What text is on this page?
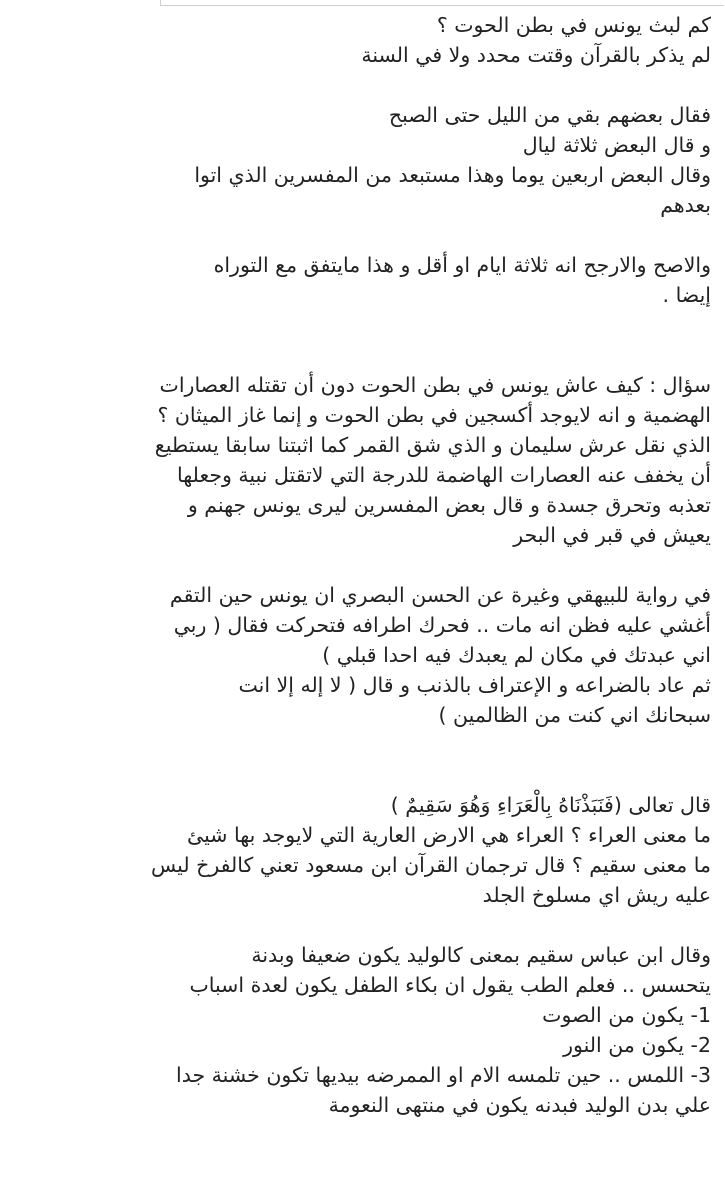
كم لبث يونس في بطن الحوت ؟
لم يذكر بالقرآن وقتت محدد ولا في السنة
فقال بعضهم بقي من الليل حتى الصبح
و قال البعض ثلاثة ليال
وقال البعض اربعين يوما وهذا مستبعد من المفسرين الذي اتوا
بعدهم
والاصح والارجح انه ثلاثة ايام او أقل و هذا مايتفق مع التوراه
إيضا .
سؤال : كيف عاش يونس في بطن الحوت دون أن تقتله العصارات
الهضمية و انه لايوجد أكسجين في بطن الحوت و إنما غاز الميثان ؟
الذي نقل عرش سليمان و الذي شق القمر كما اثبتنا سابقا يستطيع
أن يخفف عنه العصارات الهاضمة للدرجة التي لاتقتل نبية وجعلها
تعذبه وتحرق جسدة و قال بعض المفسرين ليرى يونس جهنم و
يعيش في قبر في البحر
في رواية للبيهقي وغيرة عن الحسن البصري ان يونس حين التقم
أغشي عليه فظن انه مات .. فحرك اطرافه فتحركت فقال ( ربي
اني عبدتك في مكان لم يعبدك فيه احدا قبلي )
ثم عاد بالضراعه و الإعتراف بالذنب و قال ( لا إله إلا انت
سبحانك اني كنت من الظالمين )
قال تعالى (فَنَبَذْنَاهُ بِالْعَرَاءِ وَهُوَ سَقِيمٌ )
ما معنى العراء ؟ العراء هي الارض العارية التي لايوجد بها شيئ
ما معنى سقيم ؟ قال ترجمان القرآن ابن مسعود تعني كالفرخ ليس
عليه ريش اي مسلوخ الجلد
وقال ابن عباس سقيم بمعنى كالوليد يكون ضعيفا وبدنة
يتحسس .. فعلم الطب يقول ان بكاء الطفل يكون لعدة اسباب
1- يكون من الصوت
2- يكون من النور
3- اللمس .. حين تلمسه الام او الممرضه بيديها تكون خشنة جدا
علي بدن الوليد فبدنه يكون في منتهى النعومة
